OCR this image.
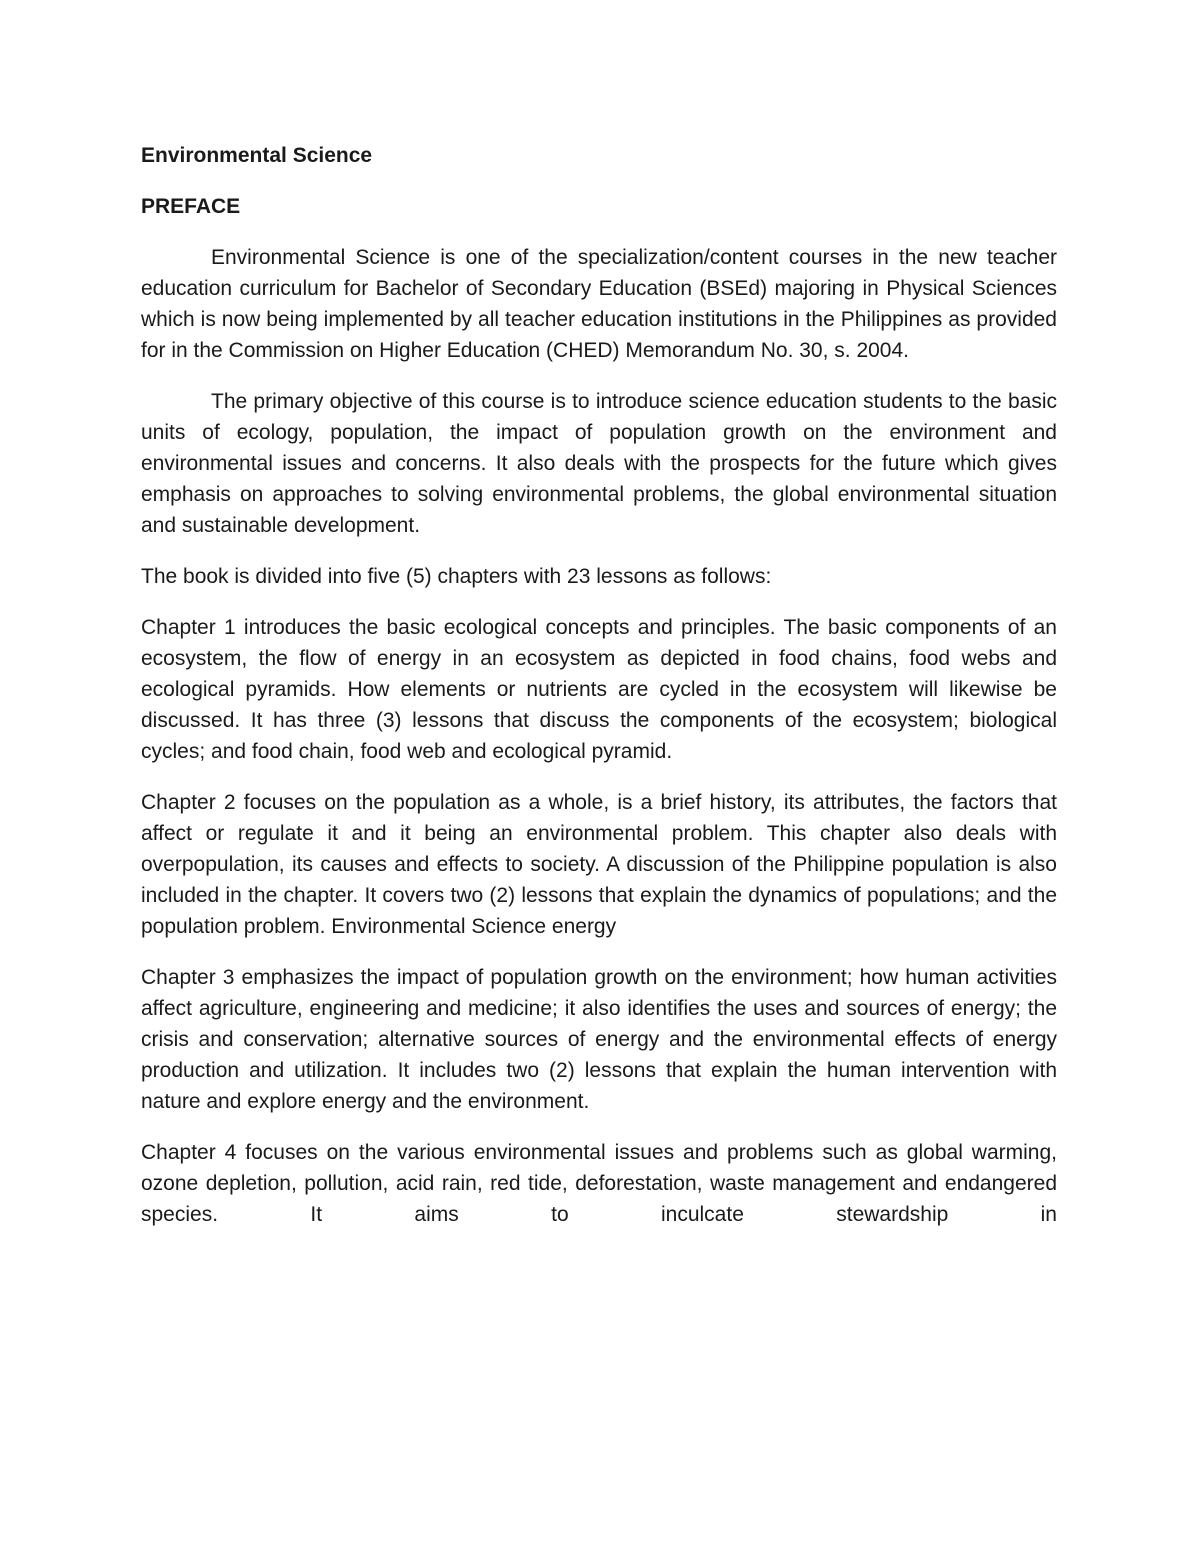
Environmental Science
PREFACE

Environmental Science is one of the specialization/content courses in the new teacher education curriculum for Bachelor of Secondary Education (BSEd) majoring in Physical Sciences which is now being implemented by all teacher education institutions in the Philippines as provided for in the Commission on Higher Education (CHED) Memorandum No. 30, s. 2004.

The primary objective of this course is to introduce science education students to the basic units of ecology, population, the impact of population growth on the environment and environmental issues and concerns. It also deals with the prospects for the future which gives emphasis on approaches to solving environmental problems, the global environmental situation and sustainable development.

The book is divided into five (5) chapters with 23 lessons as follows:

Chapter 1 introduces the basic ecological concepts and principles. The basic components of an ecosystem, the flow of energy in an ecosystem as depicted in food chains, food webs and ecological pyramids. How elements or nutrients are cycled in the ecosystem will likewise be discussed. It has three (3) lessons that discuss the components of the ecosystem; biological cycles; and food chain, food web and ecological pyramid.

Chapter 2 focuses on the population as a whole, is a brief history, its attributes, the factors that affect or regulate it and it being an environmental problem. This chapter also deals with overpopulation, its causes and effects to society. A discussion of the Philippine population is also included in the chapter. It covers two (2) lessons that explain the dynamics of populations; and the population problem. Environmental Science energy

Chapter 3 emphasizes the impact of population growth on the environment; how human activities affect agriculture, engineering and medicine; it also identifies the uses and sources of energy; the crisis and conservation; alternative sources of energy and the environmental effects of energy production and utilization. It includes two (2) lessons that explain the human intervention with nature and explore energy and the environment.

Chapter 4 focuses on the various environmental issues and problems such as global warming, ozone depletion, pollution, acid rain, red tide, deforestation, waste management and endangered species. It aims to inculcate stewardship in
